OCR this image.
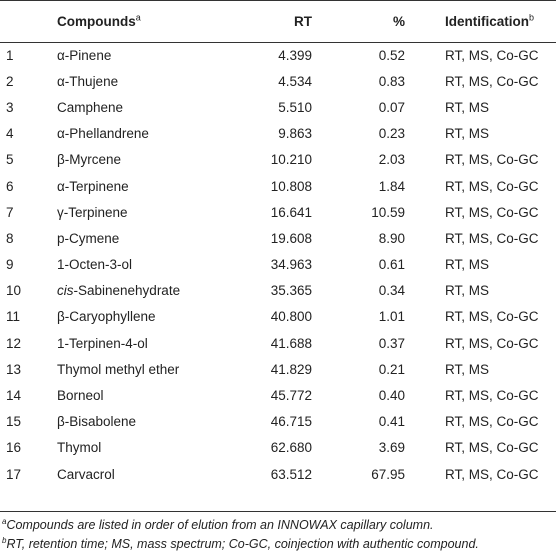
	Compounds$^a$	RT	%	Identification$^b$
1	α-Pinene	4.399	0.52	RT, MS, Co-GC
2	α-Thujene	4.534	0.83	RT, MS, Co-GC
3	Camphene	5.510	0.07	RT, MS
4	α-Phellandrene	9.863	0.23	RT, MS
5	β-Myrcene	10.210	2.03	RT, MS, Co-GC
6	α-Terpinene	10.808	1.84	RT, MS, Co-GC
7	γ-Terpinene	16.641	10.59	RT, MS, Co-GC
8	p-Cymene	19.608	8.90	RT, MS, Co-GC
9	1-Octen-3-ol	34.963	0.61	RT, MS
10	cis-Sabinenehydrate	35.365	0.34	RT, MS
11	β-Caryophyllene	40.800	1.01	RT, MS, Co-GC
12	1-Terpinen-4-ol	41.688	0.37	RT, MS, Co-GC
13	Thymol methyl ether	41.829	0.21	RT, MS
14	Borneol	45.772	0.40	RT, MS, Co-GC
15	β-Bisabolene	46.715	0.41	RT, MS, Co-GC
16	Thymol	62.680	3.69	RT, MS, Co-GC
17	Carvacrol	63.512	67.95	RT, MS, Co-GC
$^a$Compounds are listed in order of elution from an INNOWAX capillary column.
$^b$RT, retention time; MS, mass spectrum; Co-GC, coinjection with authentic compound.
